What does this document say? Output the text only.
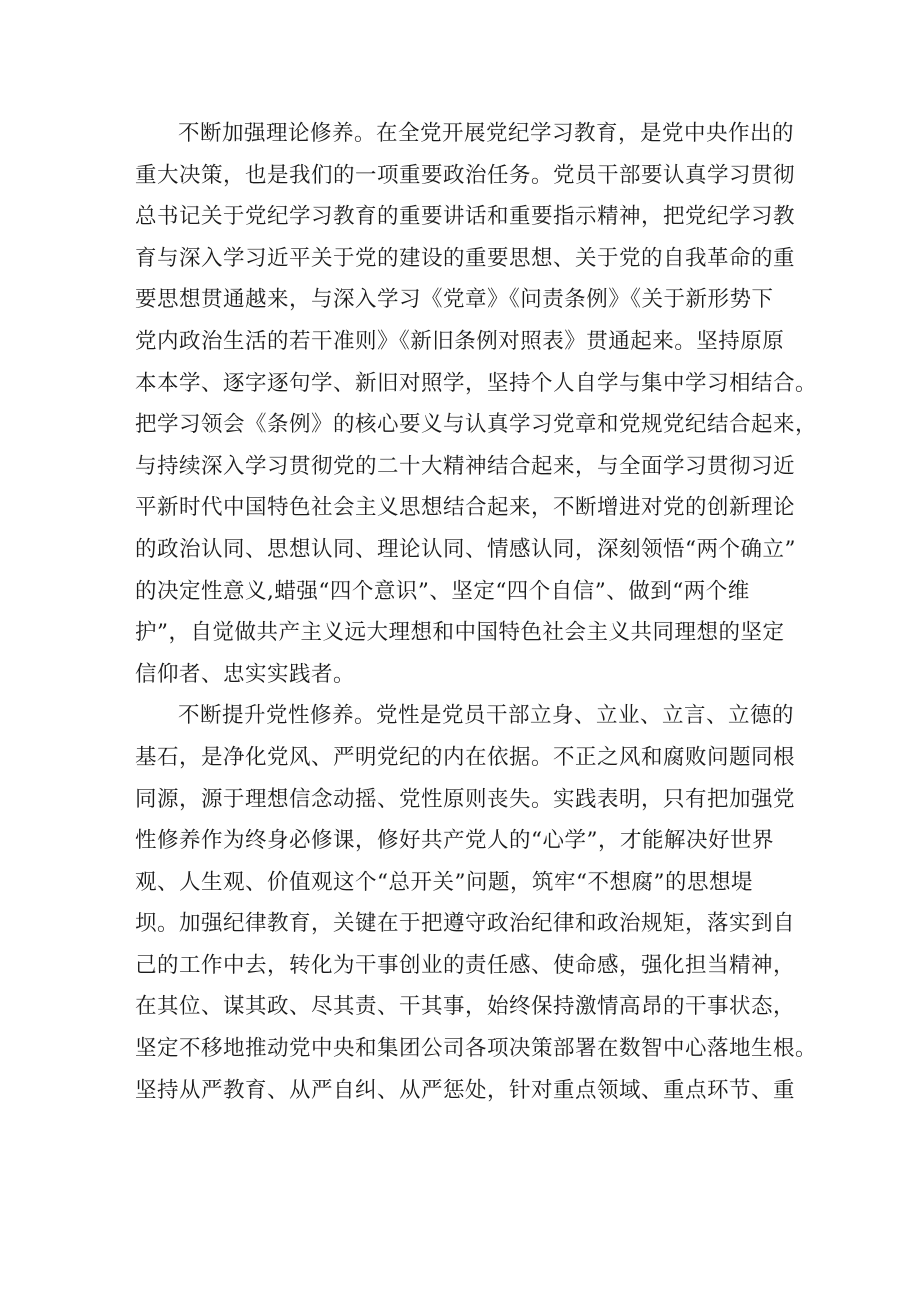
不断加强理论修养。在全党开展党纪学习教育，是党中央作出的
重大决策，也是我们的一项重要政治任务。党员干部要认真学习贯彻
总书记关于党纪学习教育的重要讲话和重要指示精神，把党纪学习教
育与深入学习近平关于党的建设的重要思想、关于党的自我革命的重
要思想贯通越来，与深入学习《党章》《问责条例》《关于新形势下
党内政治生活的若干准则》《新旧条例对照表》贯通起来。坚持原原
本本学、逐字逐句学、新旧对照学，坚持个人自学与集中学习相结合。
把学习领会《条例》的核心要义与认真学习党章和党规党纪结合起来，
与持续深入学习贯彻党的二十大精神结合起来，与全面学习贯彻习近
平新时代中国特色社会主义思想结合起来，不断增进对党的创新理论
的政治认同、思想认同、理论认同、情感认同，深刻领悟“两个确立”
的决定性意义,蜡强“四个意识”、坚定“四个自信”、做到“两个维
护”，自觉做共产主义远大理想和中国特色社会主义共同理想的坚定
信仰者、忠实实践者。
不断提升党性修养。党性是党员干部立身、立业、立言、立德的
基石，是净化党风、严明党纪的内在依据。不正之风和腐败问题同根
同源，源于理想信念动摇、党性原则丧失。实践表明，只有把加强党
性修养作为终身必修课，修好共产党人的“心学”，才能解决好世界
观、人生观、价值观这个“总开关”问题，筑牢“不想腐”的思想堤
坝。加强纪律教育，关键在于把遵守政治纪律和政治规矩，落实到自
己的工作中去，转化为干事创业的责任感、使命感，强化担当精神，
在其位、谋其政、尽其责、干其事，始终保持激情高昂的干事状态，
坚定不移地推动党中央和集团公司各项决策部署在数智中心落地生根。
坚持从严教育、从严自纠、从严惩处，针对重点领域、重点环节、重
